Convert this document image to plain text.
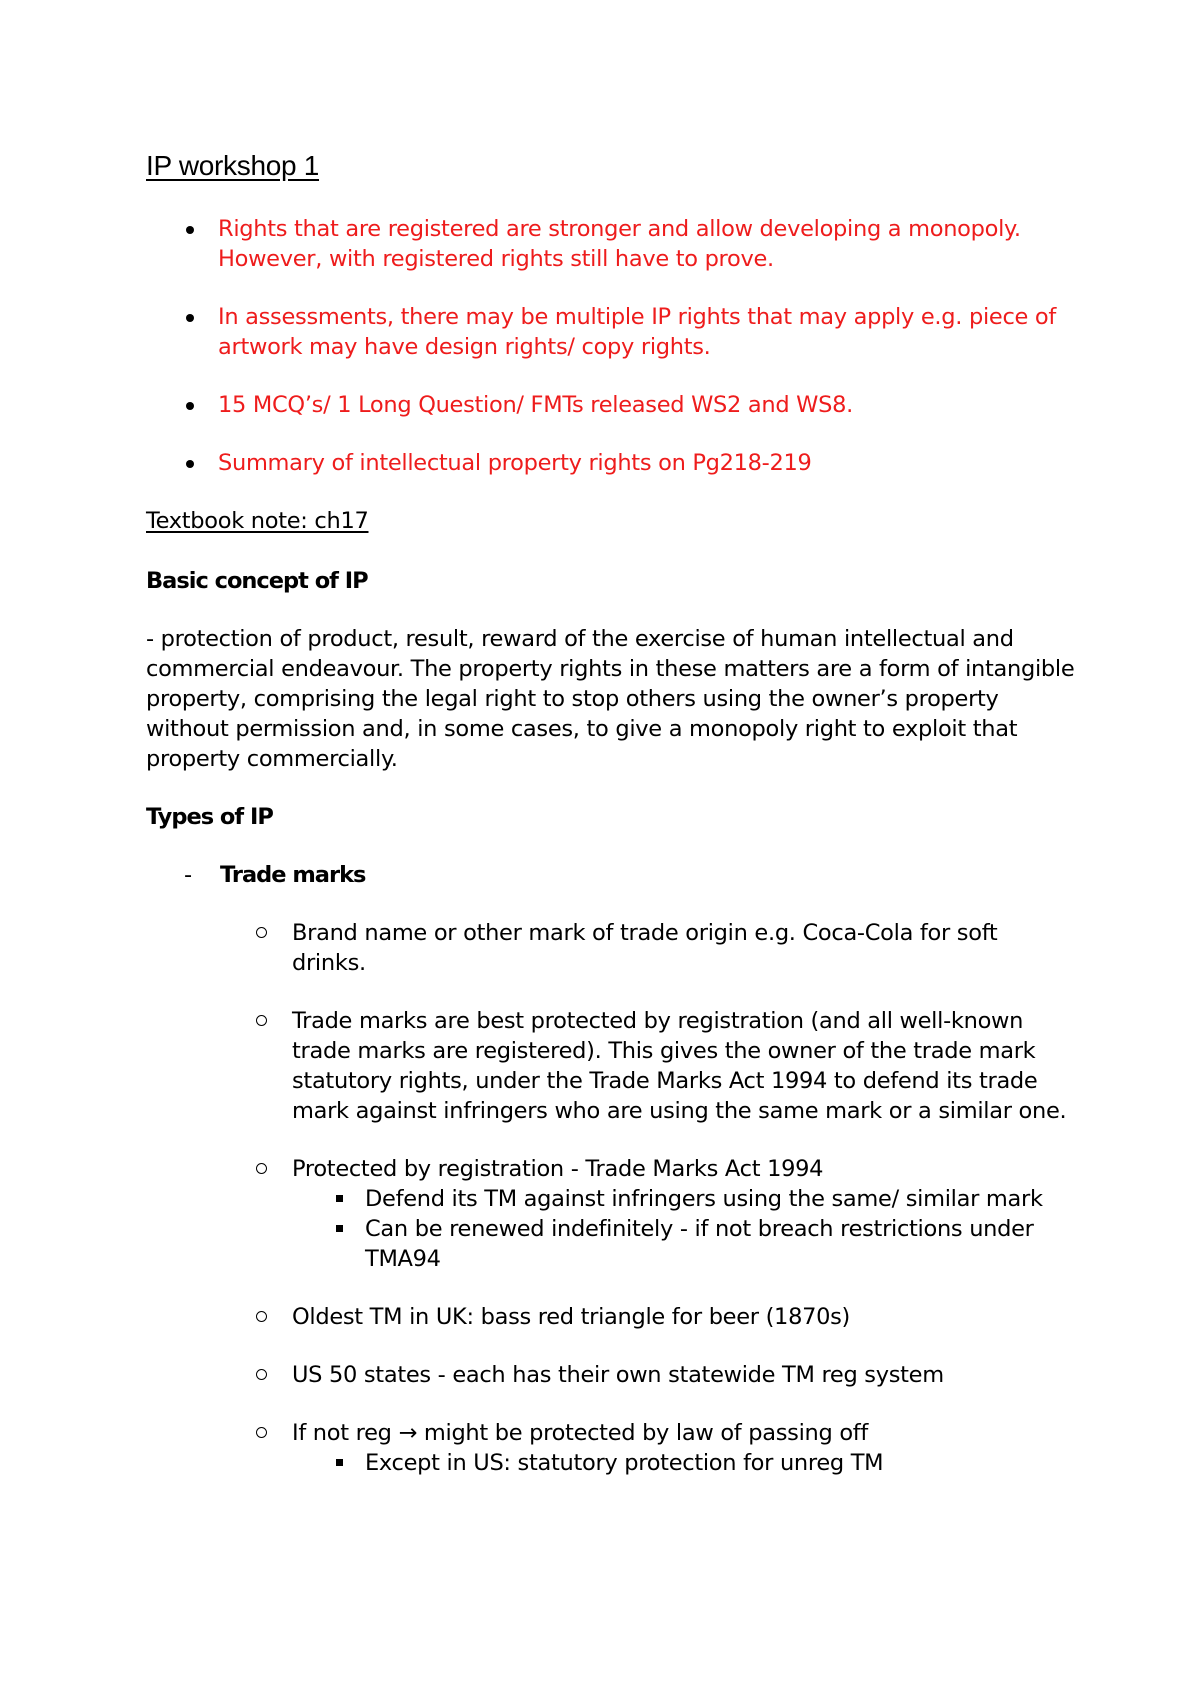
IP workshop 1
Rights that are registered are stronger and allow developing a monopoly. However, with registered rights still have to prove.
In assessments, there may be multiple IP rights that may apply e.g. piece of artwork may have design rights/ copy rights.
15 MCQ’s/ 1 Long Question/ FMTs released WS2 and WS8.
Summary of intellectual property rights on Pg218-219

Textbook note: ch17

Basic concept of IP

- protection of product, result, reward of the exercise of human intellectual and commercial endeavour. The property rights in these matters are a form of intangible property, comprising the legal right to stop others using the owner’s property without permission and, in some cases, to give a monopoly right to exploit that property commercially.

Types of IP

- Trade marks
Brand name or other mark of trade origin e.g. Coca-Cola for soft drinks.
Trade marks are best protected by registration (and all well-known trade marks are registered). This gives the owner of the trade mark statutory rights, under the Trade Marks Act 1994 to defend its trade mark against infringers who are using the same mark or a similar one.
Protected by registration - Trade Marks Act 1994
Defend its TM against infringers using the same/ similar mark
Can be renewed indefinitely - if not breach restrictions under TMA94
Oldest TM in UK: bass red triangle for beer (1870s)
US 50 states - each has their own statewide TM reg system
If not reg → might be protected by law of passing off
Except in US: statutory protection for unreg TM
